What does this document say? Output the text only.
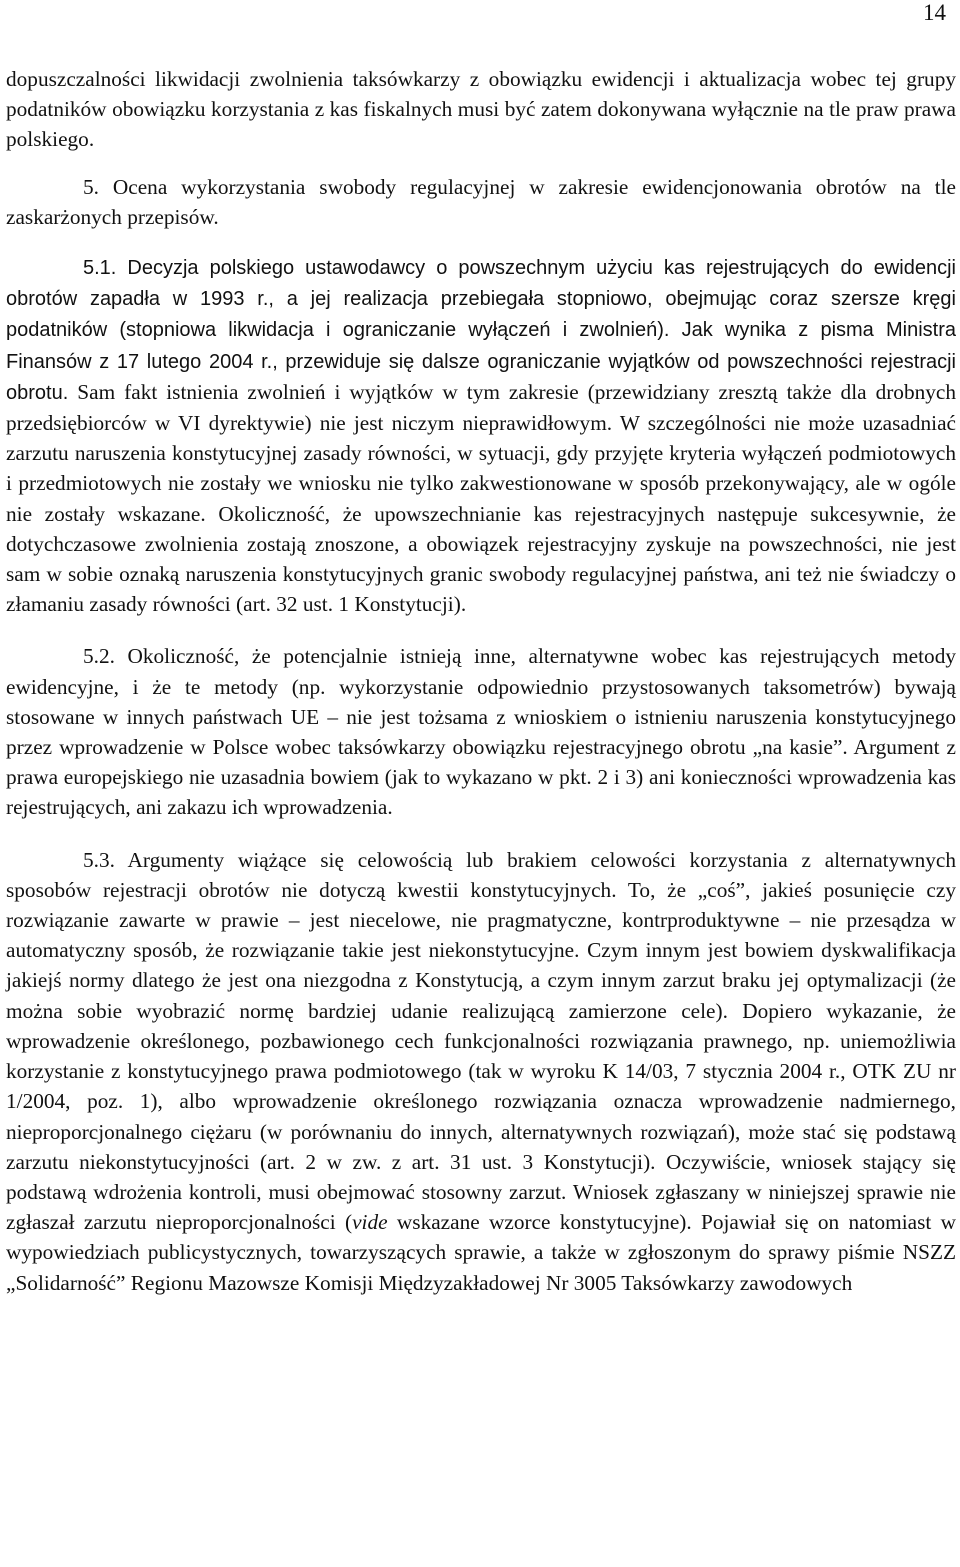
14

dopuszczalności likwidacji zwolnienia taksówkarzy z obowiązku ewidencji i aktualizacja wobec tej grupy podatników obowiązku korzystania z kas fiskalnych musi być zatem dokonywana wyłącznie na tle praw prawa polskiego.

5. Ocena wykorzystania swobody regulacyjnej w zakresie ewidencjonowania obrotów na tle zaskarżonych przepisów.

5.1. Decyzja polskiego ustawodawcy o powszechnym użyciu kas rejestrujących do ewidencji obrotów zapadła w 1993 r., a jej realizacja przebiegała stopniowo, obejmując coraz szersze kręgi podatników (stopniowa likwidacja i ograniczanie wyłączeń i zwolnień). Jak wynika z pisma Ministra Finansów z 17 lutego 2004 r., przewiduje się dalsze ograniczanie wyjątków od powszechności rejestracji obrotu. Sam fakt istnienia zwolnień i wyjątków w tym zakresie (przewidziany zresztą także dla drobnych przedsiębiorców w VI dyrektywie) nie jest niczym nieprawidłowym. W szczególności nie może uzasadniać zarzutu naruszenia konstytucyjnej zasady równości, w sytuacji, gdy przyjęte kryteria wyłączeń podmiotowych i przedmiotowych nie zostały we wniosku nie tylko zakwestionowane w sposób przekonywający, ale w ogóle nie zostały wskazane. Okoliczność, że upowszechnianie kas rejestracyjnych następuje sukcesywnie, że dotychczasowe zwolnienia zostają znoszone, a obowiązek rejestracyjny zyskuje na powszechności, nie jest sam w sobie oznaką naruszenia konstytucyjnych granic swobody regulacyjnej państwa, ani też nie świadczy o złamaniu zasady równości (art. 32 ust. 1 Konstytucji).

5.2. Okoliczność, że potencjalnie istnieją inne, alternatywne wobec kas rejestrujących metody ewidencyjne, i że te metody (np. wykorzystanie odpowiednio przystosowanych taksometrów) bywają stosowane w innych państwach UE – nie jest tożsama z wnioskiem o istnieniu naruszenia konstytucyjnego przez wprowadzenie w Polsce wobec taksówkarzy obowiązku rejestracyjnego obrotu „na kasie”. Argument z prawa europejskiego nie uzasadnia bowiem (jak to wykazano w pkt. 2 i 3) ani konieczności wprowadzenia kas rejestrujących, ani zakazu ich wprowadzenia.

5.3. Argumenty wiążące się celowością lub brakiem celowości korzystania z alternatywnych sposobów rejestracji obrotów nie dotyczą kwestii konstytucyjnych. To, że „coś”, jakieś posunięcie czy rozwiązanie zawarte w prawie – jest niecelowe, nie pragmatyczne, kontrproduktywne – nie przesądza w automatyczny sposób, że rozwiązanie takie jest niekonstytucyjne. Czym innym jest bowiem dyskwalifikacja jakiejś normy dlatego że jest ona niezgodna z Konstytucją, a czym innym zarzut braku jej optymalizacji (że można sobie wyobrazić normę bardziej udanie realizującą zamierzone cele). Dopiero wykazanie, że wprowadzenie określonego, pozbawionego cech funkcjonalności rozwiązania prawnego, np. uniemożliwia korzystanie z konstytucyjnego prawa podmiotowego (tak w wyroku K 14/03, 7 stycznia 2004 r., OTK ZU nr 1/2004, poz. 1), albo wprowadzenie określonego rozwiązania oznacza wprowadzenie nadmiernego, nieproporcjonalnego ciężaru (w porównaniu do innych, alternatywnych rozwiązań), może stać się podstawą zarzutu niekonstytucyjności (art. 2 w zw. z art. 31 ust. 3 Konstytucji). Oczywiście, wniosek stający się podstawą wdrożenia kontroli, musi obejmować stosowny zarzut. Wniosek zgłaszany w niniejszej sprawie nie zgłaszał zarzutu nieproporcjonalności (vide wskazane wzorce konstytucyjne). Pojawiał się on natomiast w wypowiedziach publicystycznych, towarzyszących sprawie, a także w zgłoszonym do sprawy piśmie NSZZ „Solidarność” Regionu Mazowsze Komisji Międzyzakładowej Nr 3005 Taksówkarzy zawodowych
